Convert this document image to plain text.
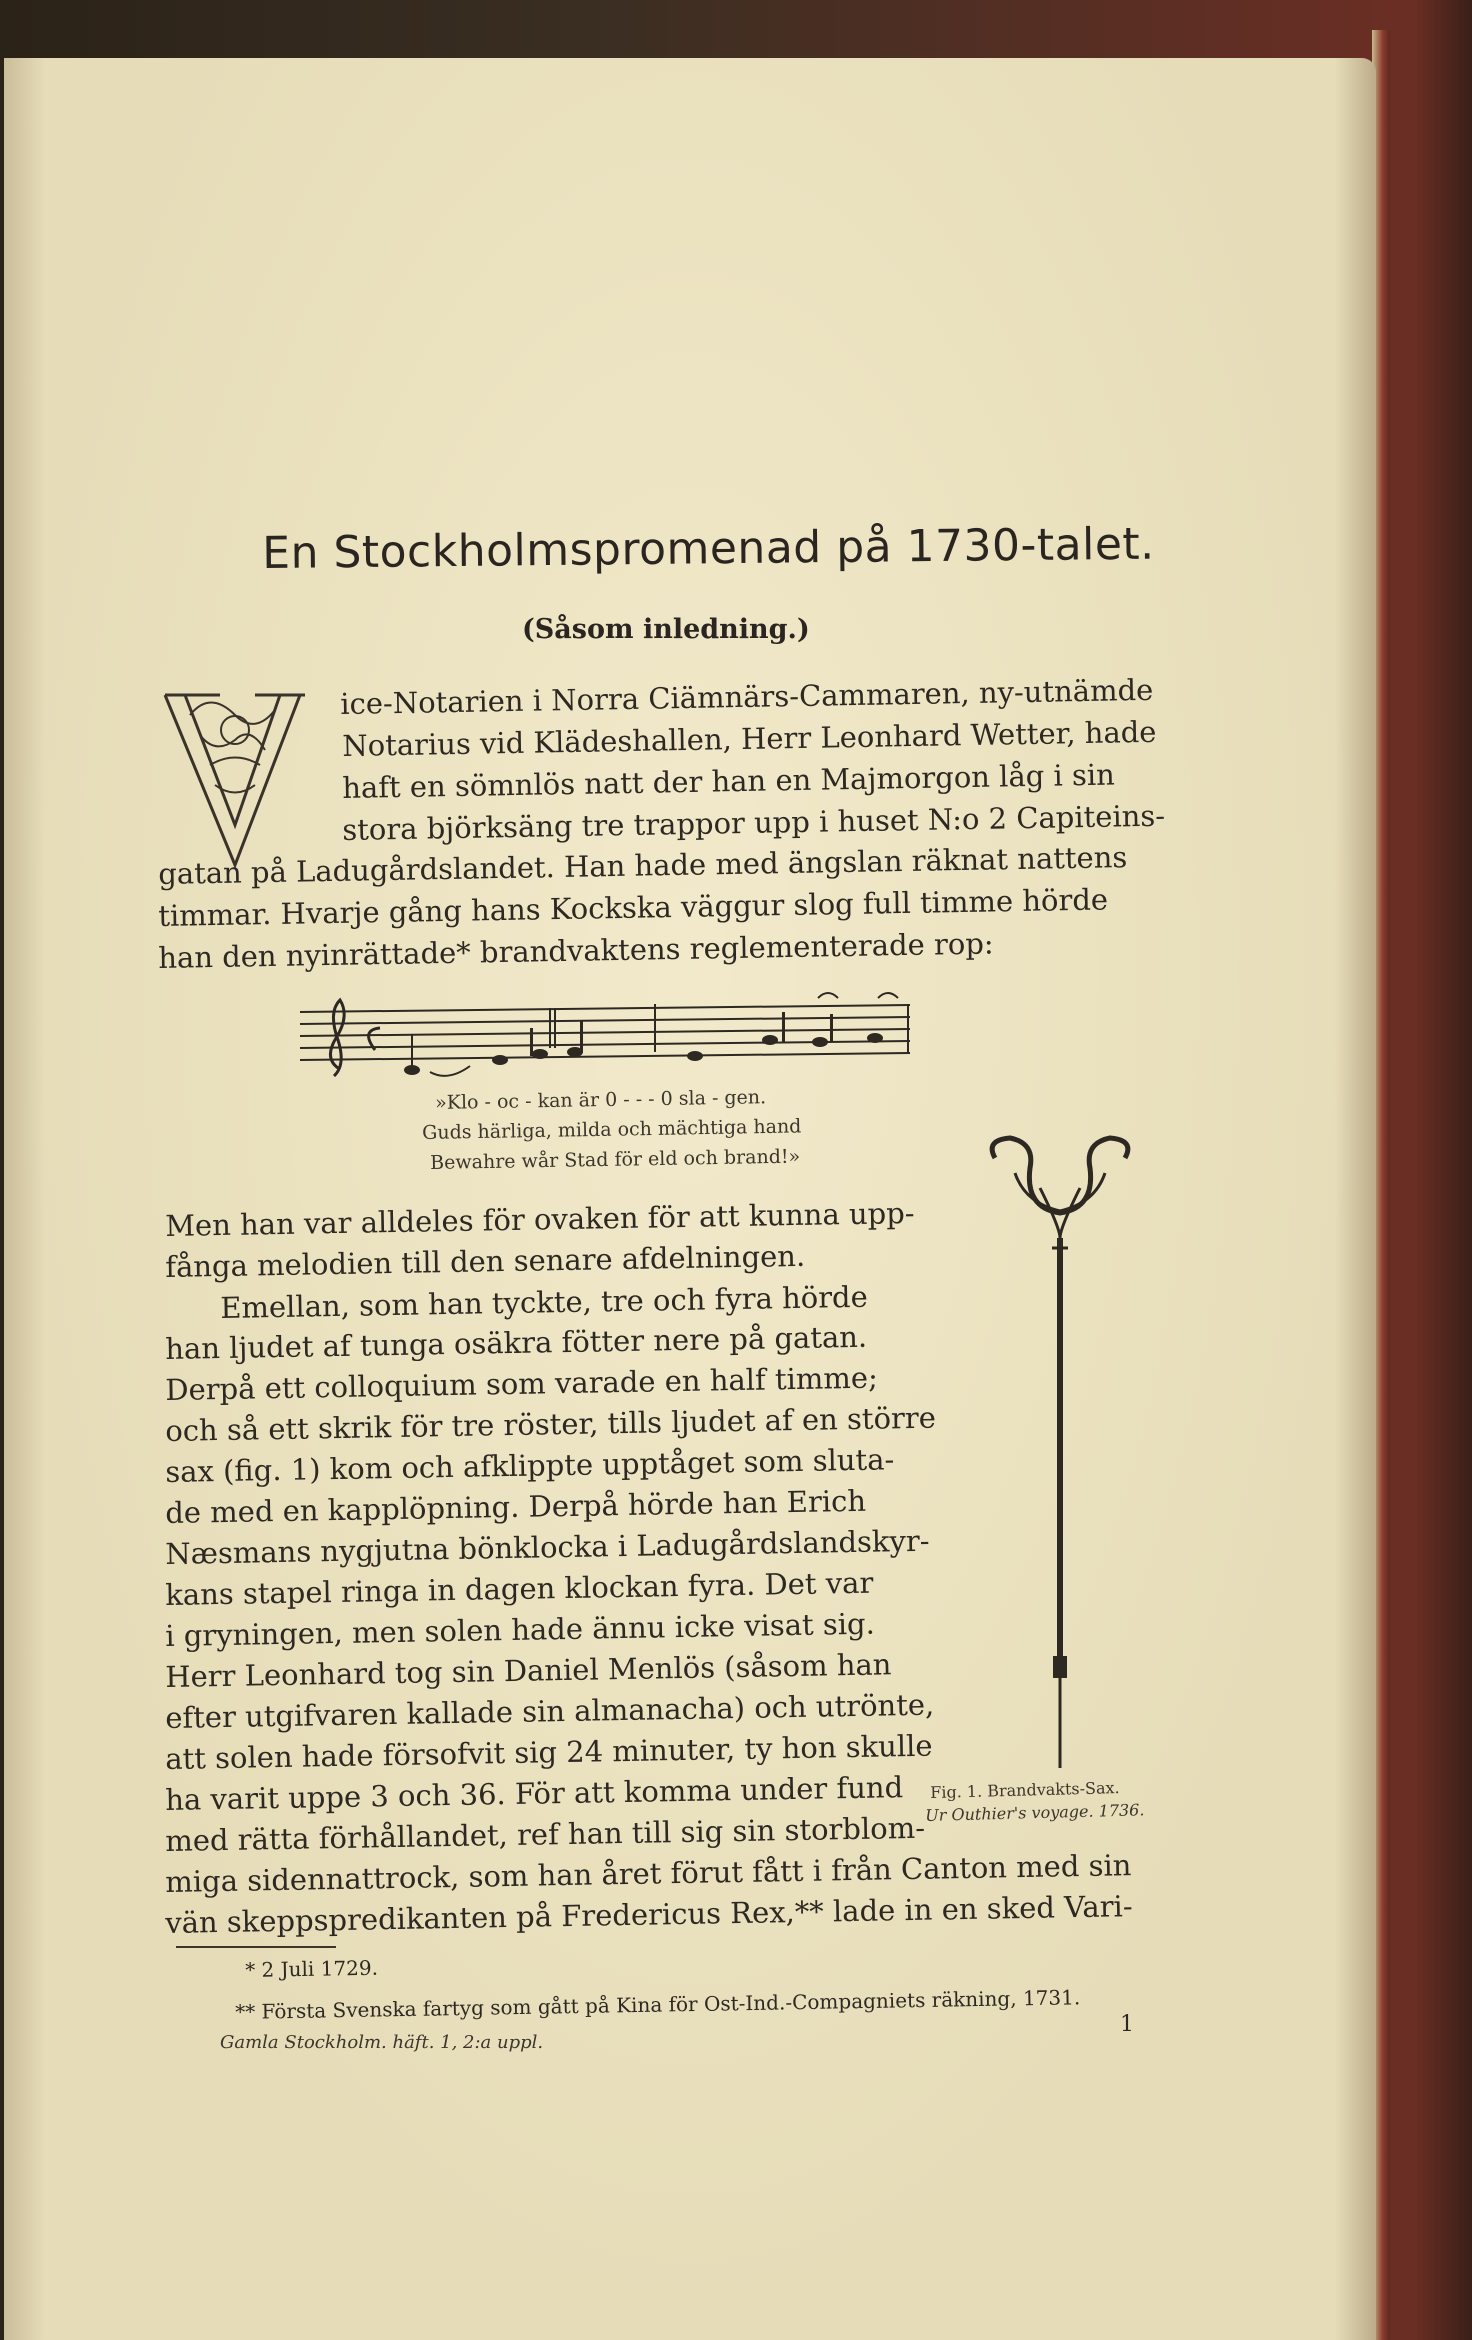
En Stockholmspromenad på 1730-talet.
(Såsom inledning.)
ice-Notarien i Norra Ciämnärs-Cammaren, ny-utnämde
Notarius vid Klädeshallen, Herr Leonhard Wetter, hade
haft en sömnlös natt der han en Majmorgon låg i sin
stora björksäng tre trappor upp i huset N:o 2 Capiteins-
gatan på Ladugårdslandet. Han hade med ängslan räknat nattens
timmar. Hvarje gång hans Kockska väggur slog full timme hörde
han den nyinrättade* brandvaktens reglementerade rop:
Men han var alldeles för ovaken för att kunna upp-
fånga melodien till den senare afdelningen.
Emellan, som han tyckte, tre och fyra hörde
han ljudet af tunga osäkra fötter nere på gatan.
Derpå ett colloquium som varade en half timme;
och så ett skrik för tre röster, tills ljudet af en större
sax (fig. 1) kom och afklippte upptåget som sluta-
de med en kapplöpning. Derpå hörde han Erich
Næsmans nygjutna bönklocka i Ladugårdslandskyr-
kans stapel ringa in dagen klockan fyra. Det var
i gryningen, men solen hade ännu icke visat sig.
Herr Leonhard tog sin Daniel Menlös (såsom han
efter utgifvaren kallade sin almanacha) och utrönte,
att solen hade försofvit sig 24 minuter, ty hon skulle
ha varit uppe 3 och 36. För att komma under fund
med rätta förhållandet, ref han till sig sin storblom-
miga sidennattrock, som han året förut fått i från Canton med sin
vän skeppspredikanten på Fredericus Rex,** lade in en sked Vari-
»Klo - oc - kan är 0 - - - 0 sla - gen.
Guds härliga, milda och mächtiga hand
Bewahre wår Stad för eld och brand!»
Fig. 1. Brandvakts-Sax.
Ur Outhier's voyage. 1736.
* 2 Juli 1729.
** Första Svenska fartyg som gått på Kina för Ost-Ind.-Compagniets räkning, 1731.
Gamla Stockholm. häft. 1, 2:a uppl.
1
